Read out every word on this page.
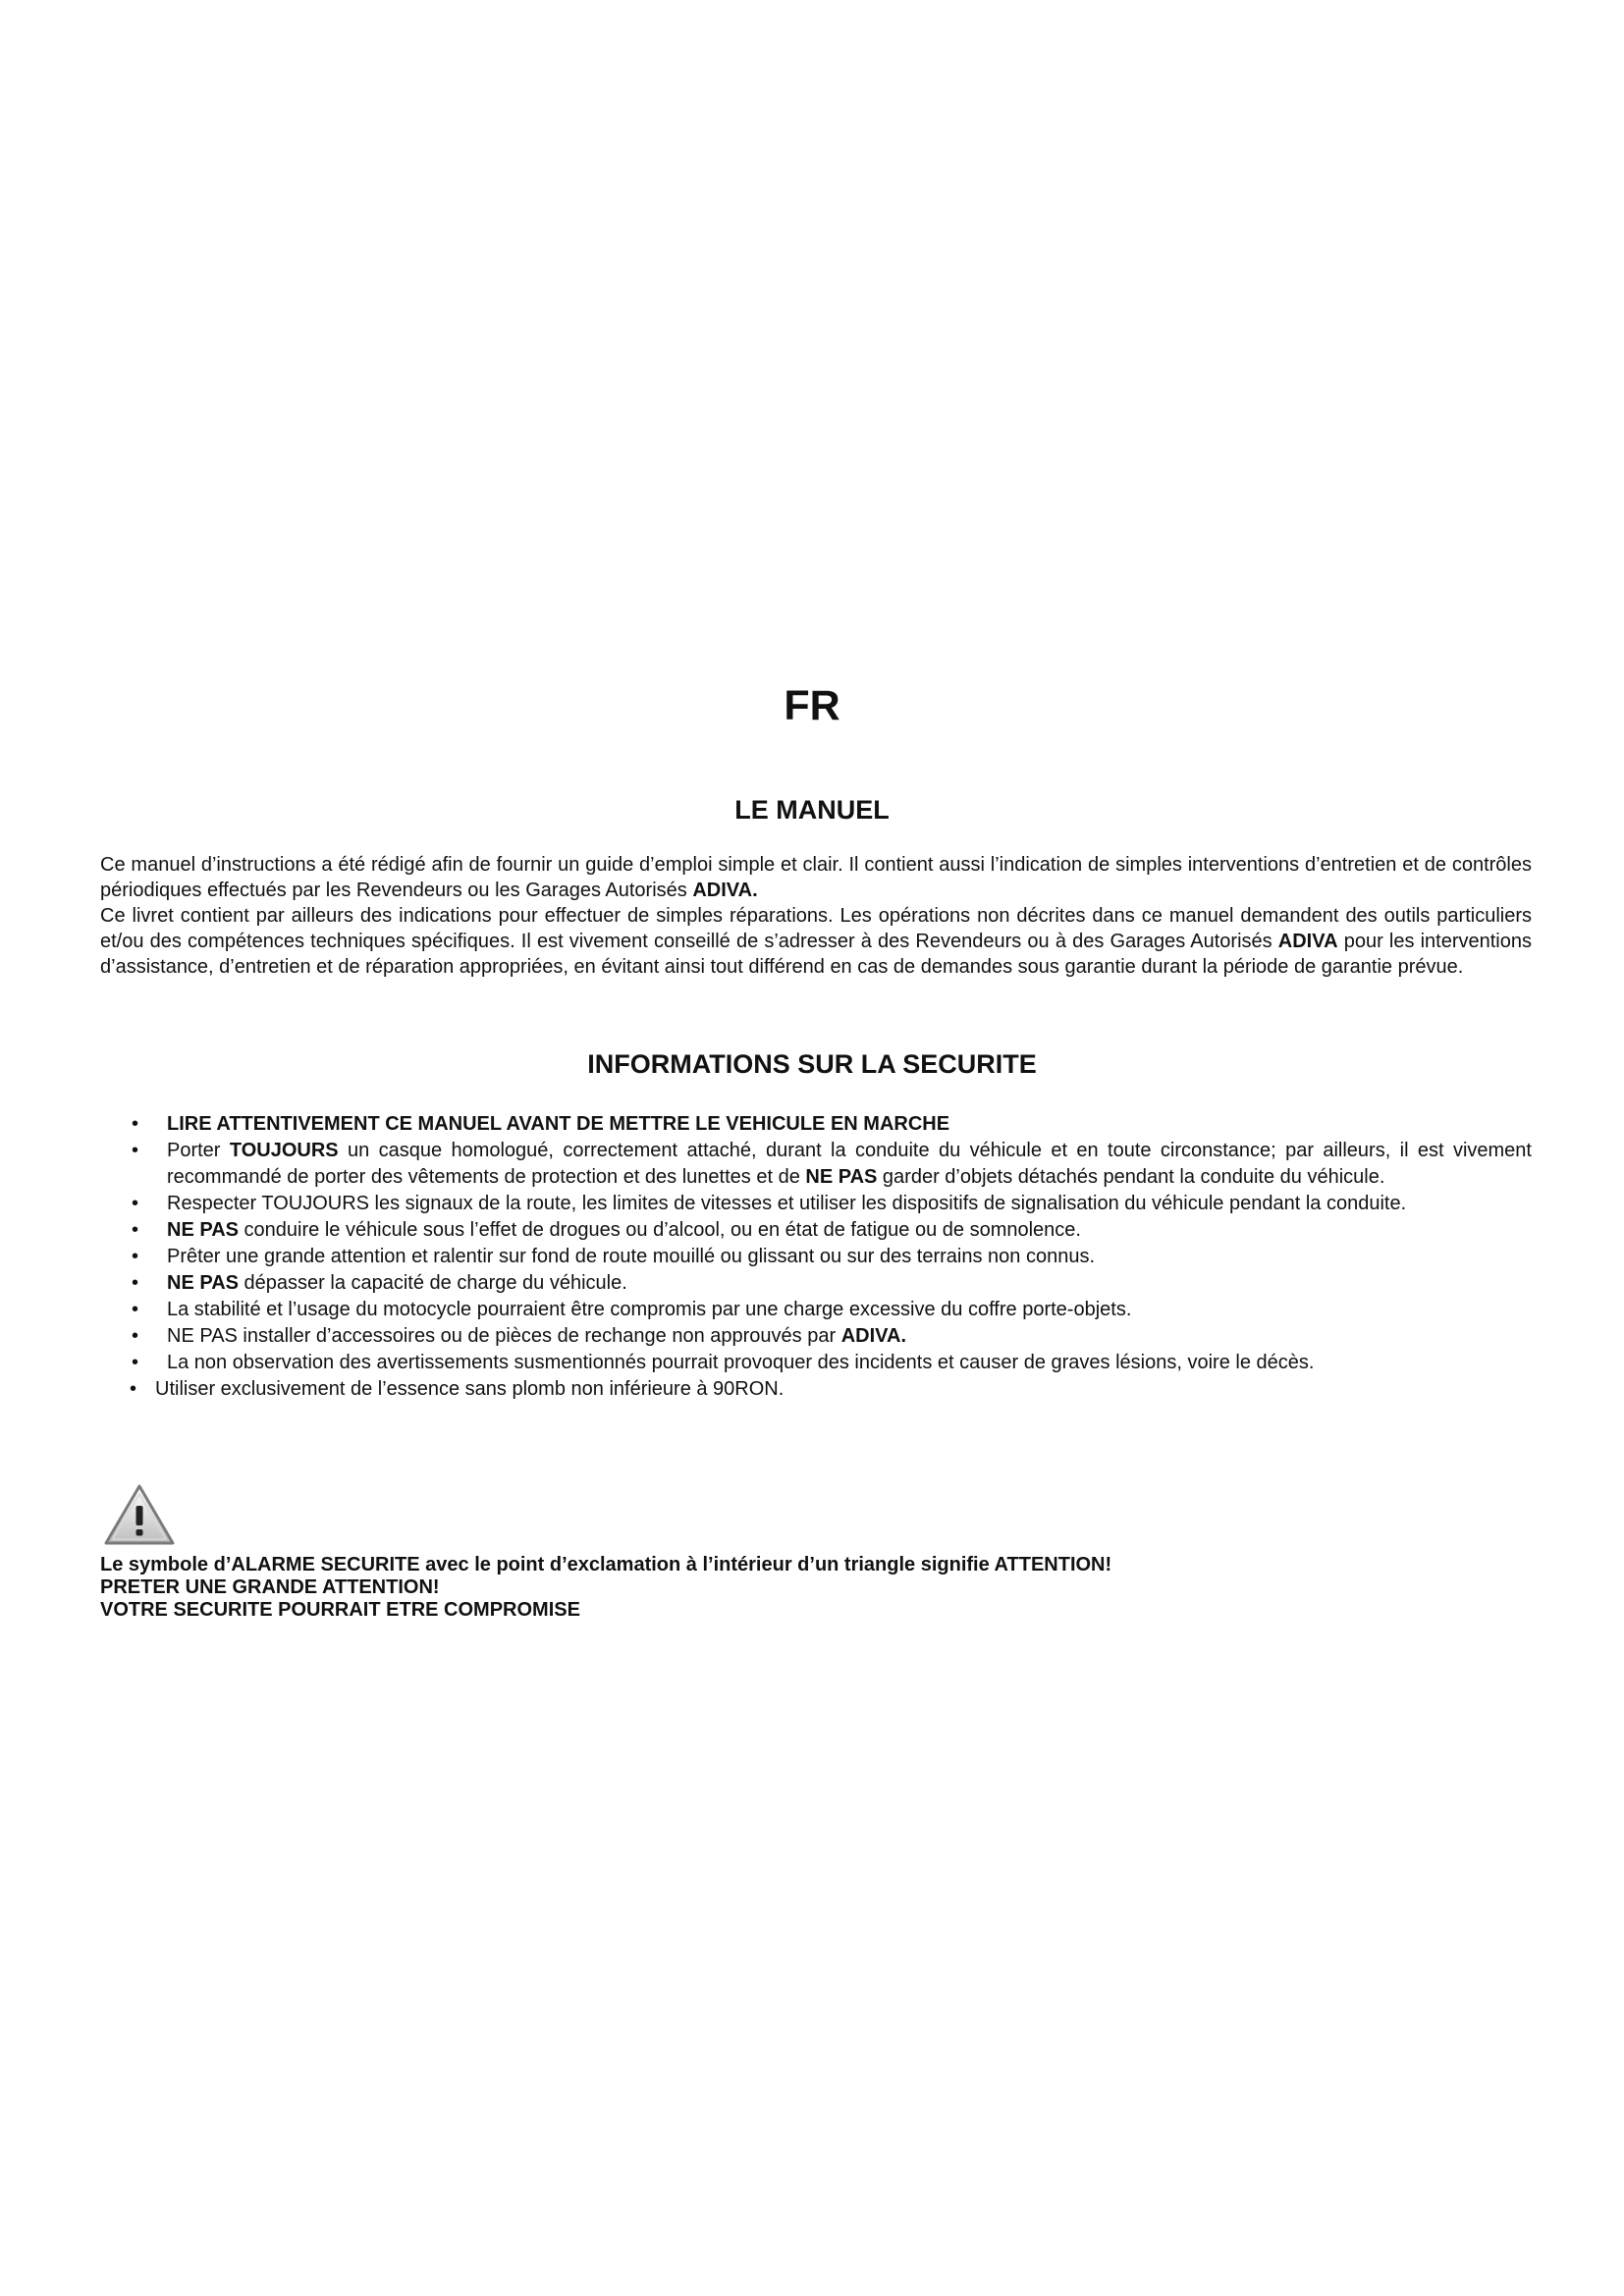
FR
LE MANUEL

Ce manuel d’instructions a été rédigé afin de fournir un guide d’emploi simple et clair. Il contient aussi l’indication de simples interventions d’entretien et de contrôles périodiques effectués par les Revendeurs ou les Garages Autorisés ADIVA.

Ce livret contient par ailleurs des indications pour effectuer de simples réparations. Les opérations non décrites dans ce manuel demandent des outils particuliers et/ou des compétences techniques spécifiques. Il est vivement conseillé de s’adresser à des Revendeurs ou à des Garages Autorisés ADIVA pour les interventions d’assistance, d’entretien et de réparation appropriées, en évitant ainsi tout différend en cas de demandes sous garantie durant la période de garantie prévue.

INFORMATIONS SUR LA SECURITE
• LIRE ATTENTIVEMENT CE MANUEL AVANT DE METTRE LE VEHICULE EN MARCHE
• Porter TOUJOURS un casque homologué, correctement attaché, durant la conduite du véhicule et en toute circonstance; par ailleurs, il est vivement recommandé de porter des vêtements de protection et des lunettes et de NE PAS garder d’objets détachés pendant la conduite du véhicule.
• Respecter TOUJOURS les signaux de la route, les limites de vitesses et utiliser les dispositifs de signalisation du véhicule pendant la conduite.
• NE PAS conduire le véhicule sous l’effet de drogues ou d’alcool, ou en état de fatigue ou de somnolence.
• Prêter une grande attention et ralentir sur fond de route mouillé ou glissant ou sur des terrains non connus.
• NE PAS dépasser la capacité de charge du véhicule.
• La stabilité et l’usage du motocycle pourraient être compromis par une charge excessive du coffre porte-objets.
• NE PAS installer d’accessoires ou de pièces de rechange non approuvés par ADIVA.
• La non observation des avertissements susmentionnés pourrait provoquer des incidents et causer de graves lésions, voire le décès.
• Utiliser exclusivement de l’essence sans plomb non inférieure à 90RON.

Le symbole d’ALARME SECURITE avec le point d’exclamation à l’intérieur d’un triangle signifie ATTENTION!

PRETER UNE GRANDE ATTENTION!

VOTRE SECURITE POURRAIT ETRE COMPROMISE
